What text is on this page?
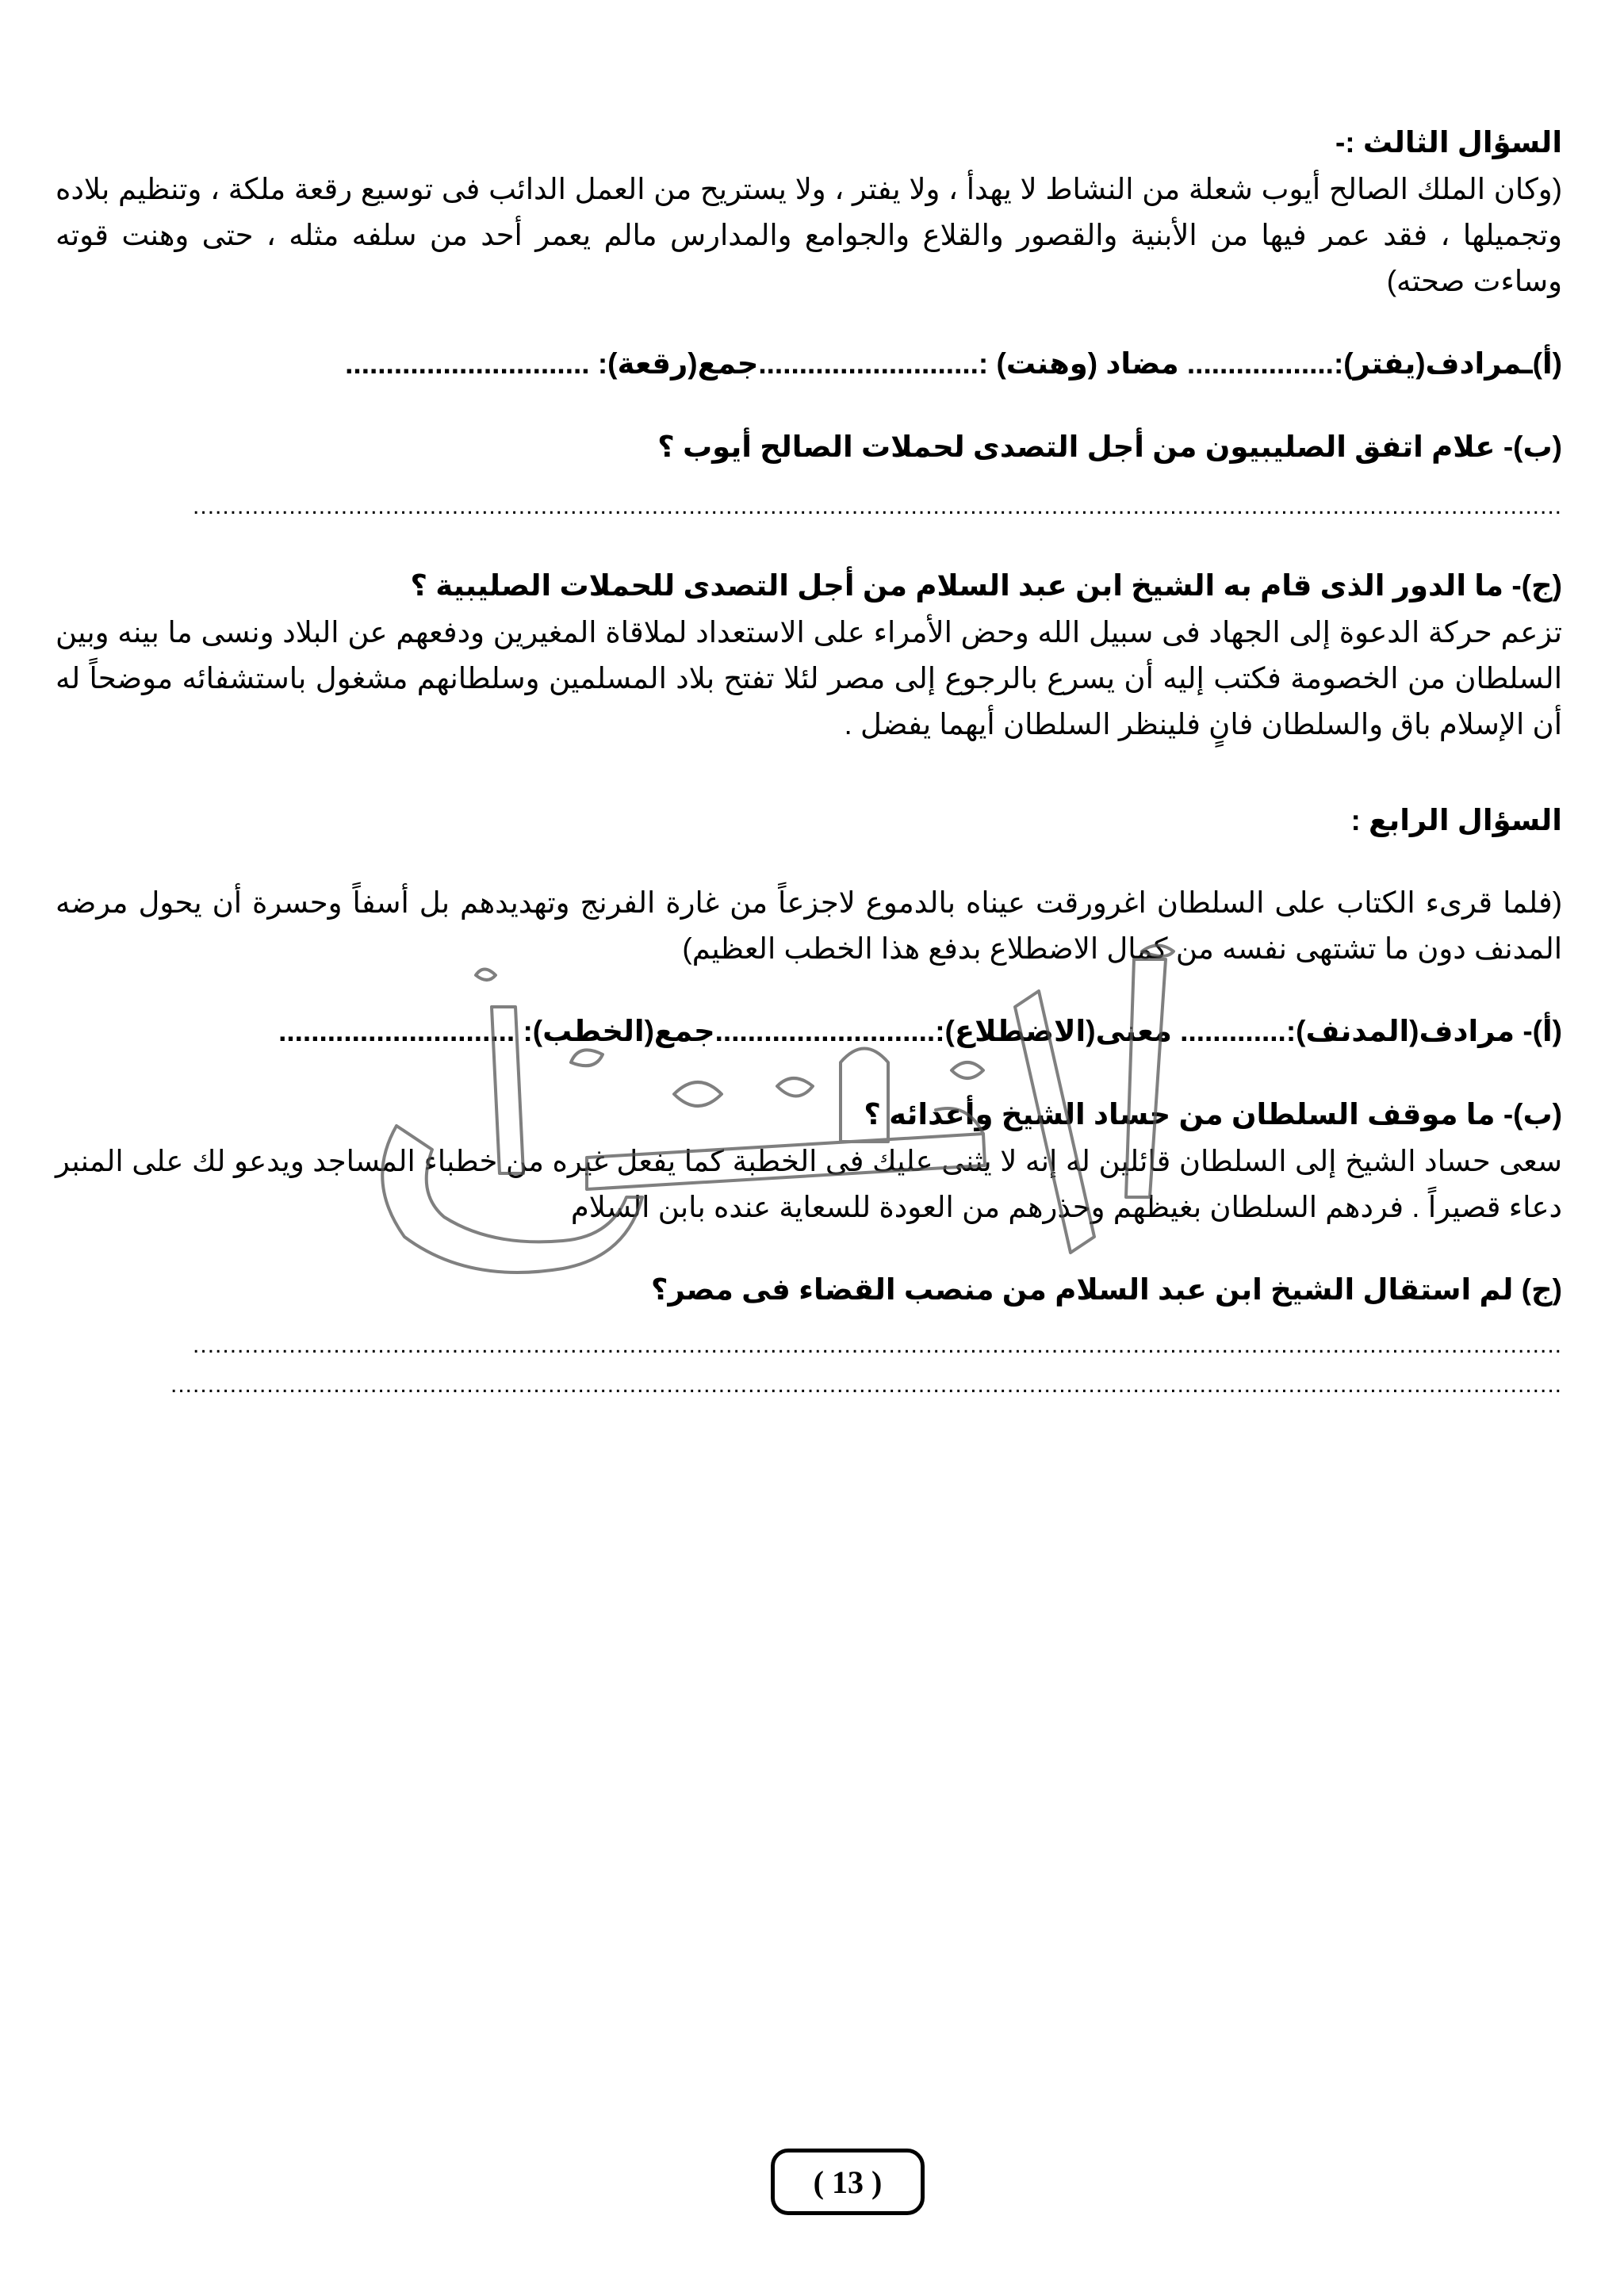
السؤال الثالث :-
(وكان الملك الصالح أيوب شعلة من النشاط لا يهدأ ، ولا يفتر ، ولا يستريح من العمل الدائب فى توسيع رقعة ملكة ، وتنظيم بلاده وتجميلها ، فقد عمر فيها من الأبنية والقصور والقلاع والجوامع والمدارس مالم يعمر أحد من سلفه مثله ، حتى وهنت قوته وساءت صحته)
(أ)ـمرادف(يفتر):.................. مضاد (وهنت) :...........................جمع(رقعة): ..............................
(ب)- علام اتفق الصليبيون من أجل التصدى لحملات الصالح أيوب ؟
.........................................................................................................................................................................................
(ج)- ما الدور الذى قام به الشيخ ابن عبد السلام من أجل التصدى للحملات الصليبية ؟
تزعم حركة الدعوة إلى الجهاد فى سبيل الله وحض الأمراء على الاستعداد لملاقاة المغيرين ودفعهم عن البلاد ونسى ما بينه وبين السلطان من الخصومة فكتب إليه أن يسرع بالرجوع إلى مصر لئلا تفتح بلاد المسلمين وسلطانهم مشغول باستشفائه موضحاً له أن الإسلام باق والسلطان فانٍ فلينظر السلطان أيهما يفضل .
السؤال الرابع :
(فلما قرىء الكتاب على السلطان اغرورقت عيناه بالدموع لاجزعاً من غارة الفرنج وتهديدهم بل أسفاً وحسرة أن يحول مرضه المدنف دون ما تشتهى نفسه من كمال الاضطلاع بدفع هذا الخطب العظيم)
(أ)- مرادف(المدنف):............. معنى(الاضطلاع):...........................جمع(الخطب): .............................
(ب)- ما موقف السلطان من حساد الشيخ وأعدائه ؟
سعى حساد الشيخ إلى السلطان قائلين له إنه لا يثنى عليك فى الخطبة كما يفعل غيره من خطباء المساجد ويدعو لك على المنبر دعاء قصيراً . فردهم السلطان بغيظهم وحذرهم من العودة للسعاية عنده بابن السلام
(ج) لم استقال الشيخ ابن عبد السلام من منصب القضاء فى مصر؟
.........................................................................................................................................................................................
............................................................................................................................................................................................
( 13 )
